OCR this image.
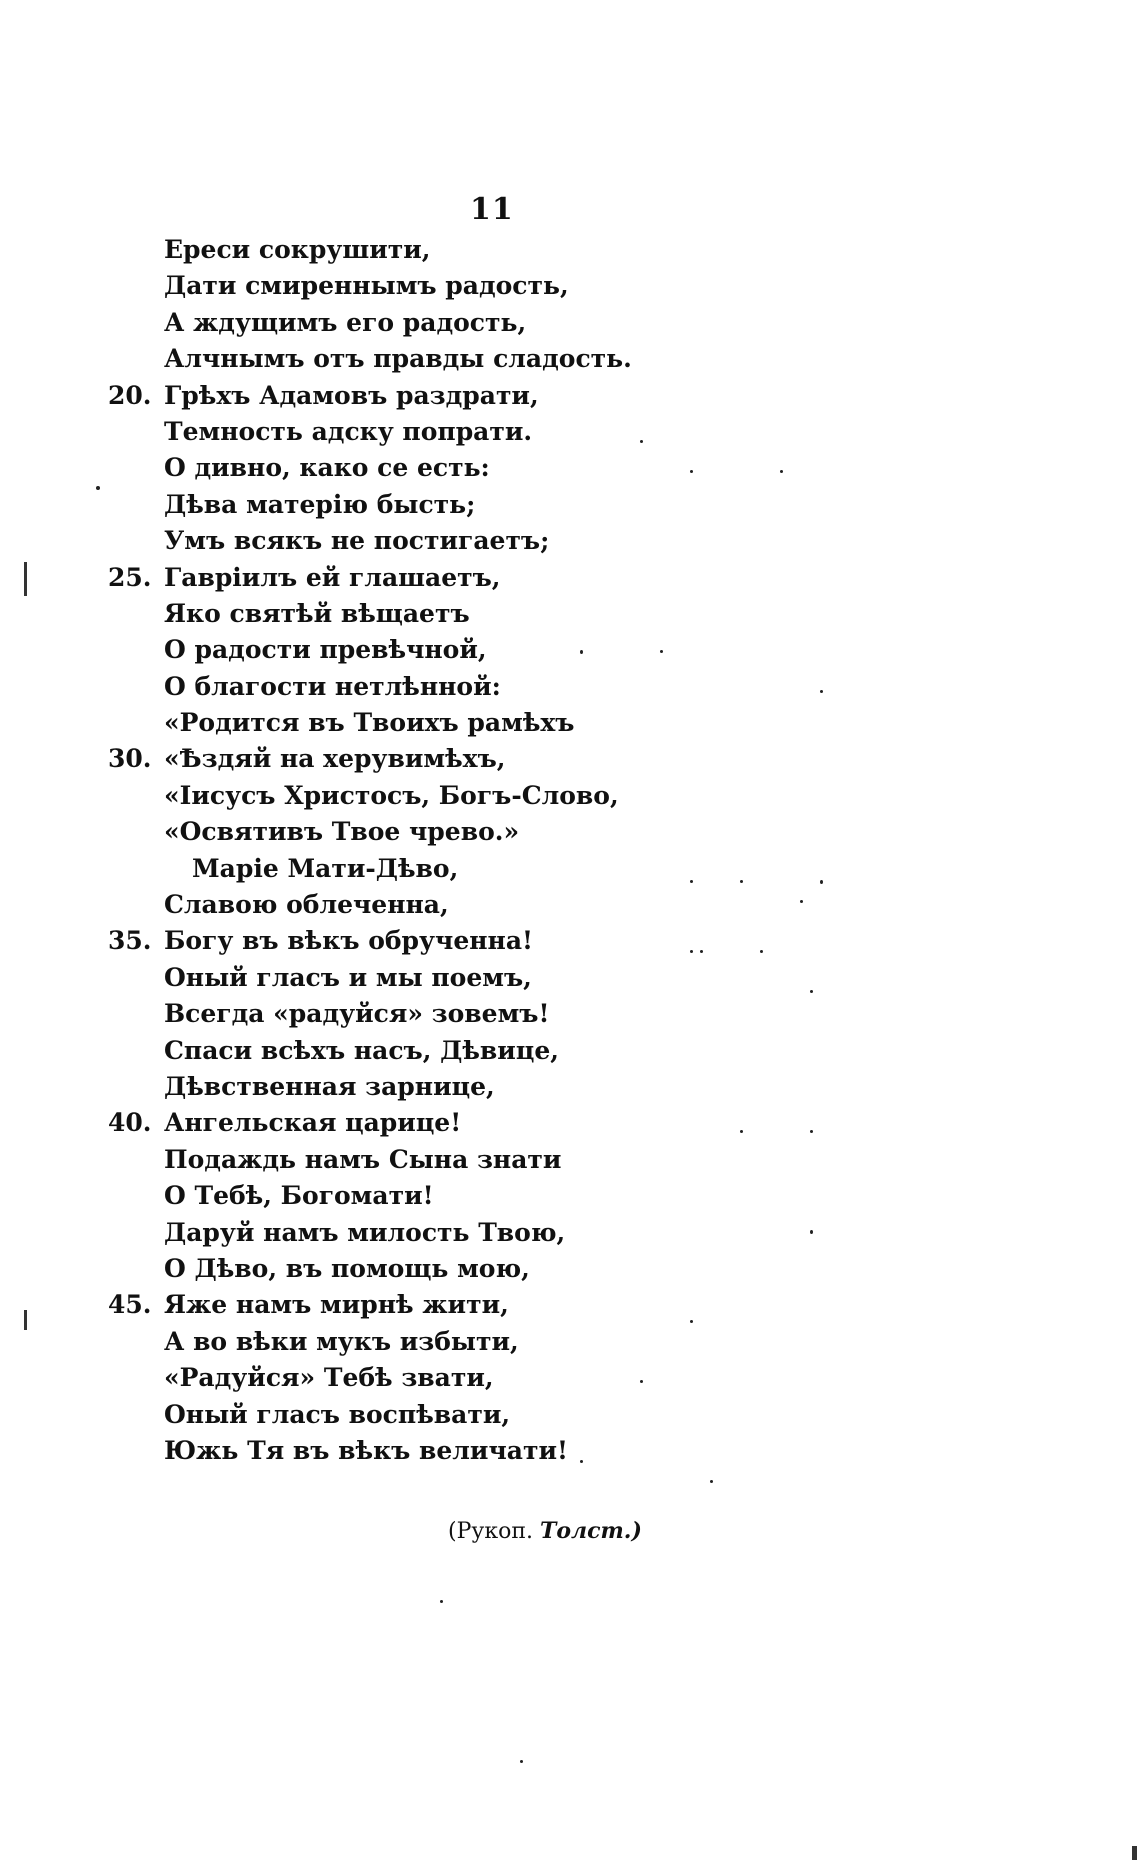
11
Ереси сокрушити,
Дати смиреннымъ радость,
А ждущимъ его радость,
Алчнымъ отъ правды сладость.
20. Грѣхъ Адамовъ раздрати,
Темность адску попрати.
О дивно, како се есть:
Дѣва матерію бысть;
Умъ всякъ не постигаетъ;
25. Гавріилъ ей глашаетъ,
Яко святѣй вѣщаетъ
О радости превѣчной,
О благости нетлѣнной:
«Родится въ Твоихъ рамѣхъ
30. «Ѣздяй на херувимѣхъ,
«Іисусъ Христосъ, Богъ-Слово,
«Освятивъ Твое чрево.»
Маріе Мати-Дѣво,
Славою облеченна,
35. Богу въ вѣкъ обрученна!
Оный гласъ и мы поемъ,
Всегда «радуйся» зовемъ!
Спаси всѣхъ насъ, Дѣвице,
Дѣвственная зарнице,
40. Ангельская царице!
Подаждь намъ Сына знати
О Тебѣ, Богомати!
Даруй намъ милость Твою,
О Дѣво, въ помощь мою,
45. Яже намъ мирнѣ жити,
А во вѣки мукъ избыти,
«Радуйся» Тебѣ звати,
Оный гласъ воспѣвати,
Южь Тя въ вѣкъ величати!
(Рукоп. Толст.)
